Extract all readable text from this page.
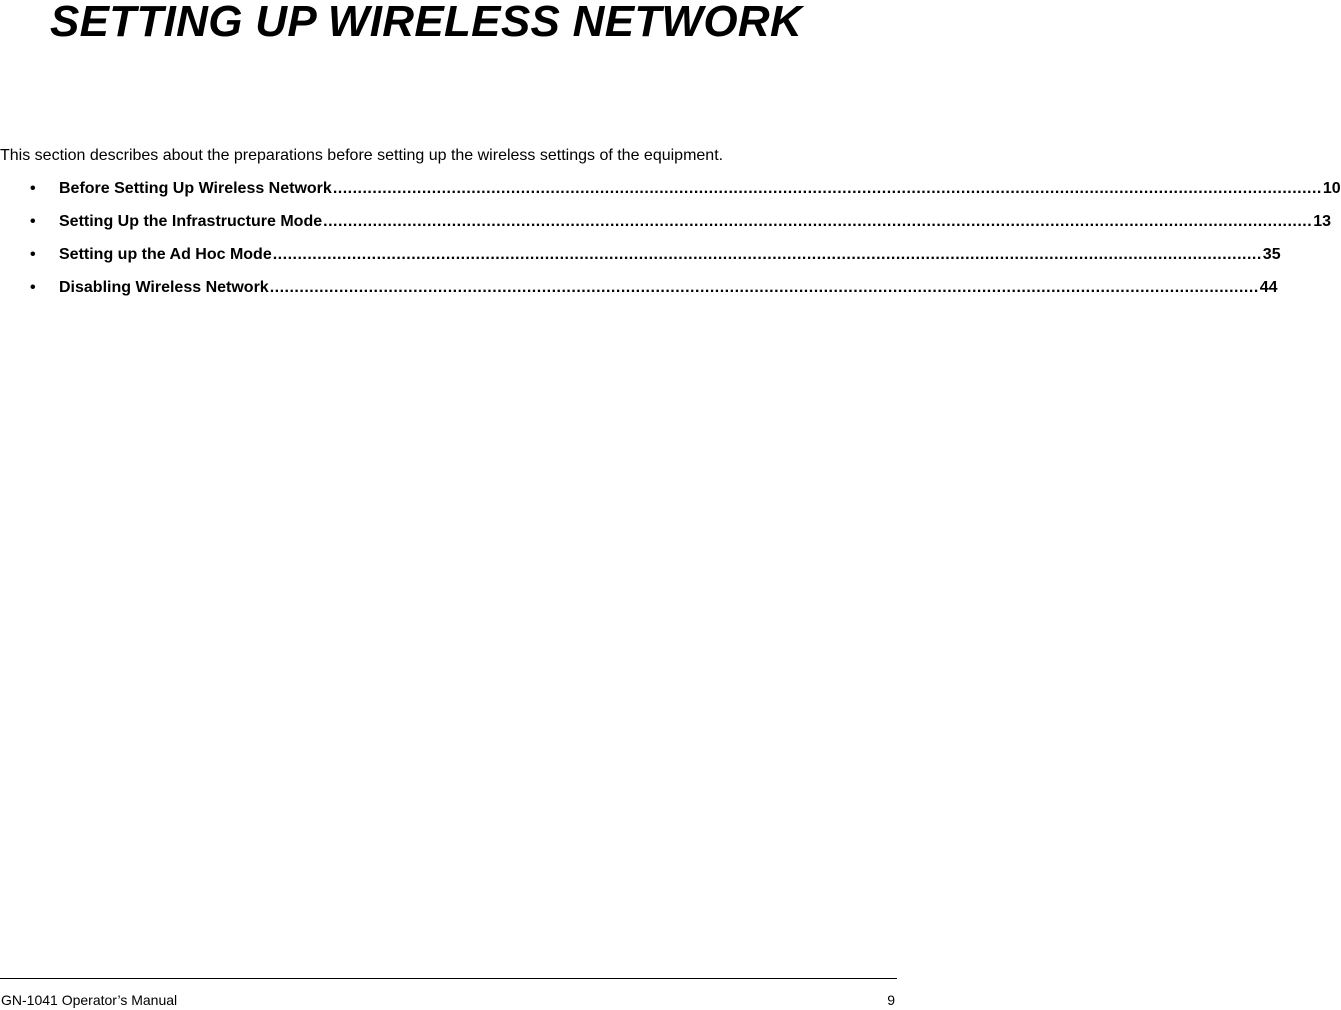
SETTING UP WIRELESS NETWORK

This section describes about the preparations before setting up the wireless settings of the equipment.

• Before Setting Up Wireless Network ........................................................................................................................................................................................................ 10
• Setting Up the Infrastructure Mode ........................................................................................................................................................................................................ 13
• Setting up the Ad Hoc Mode ........................................................................................................................................................................................................ 35
• Disabling Wireless Network ........................................................................................................................................................................................................ 44
GN-1041 Operator’s Manual	9
